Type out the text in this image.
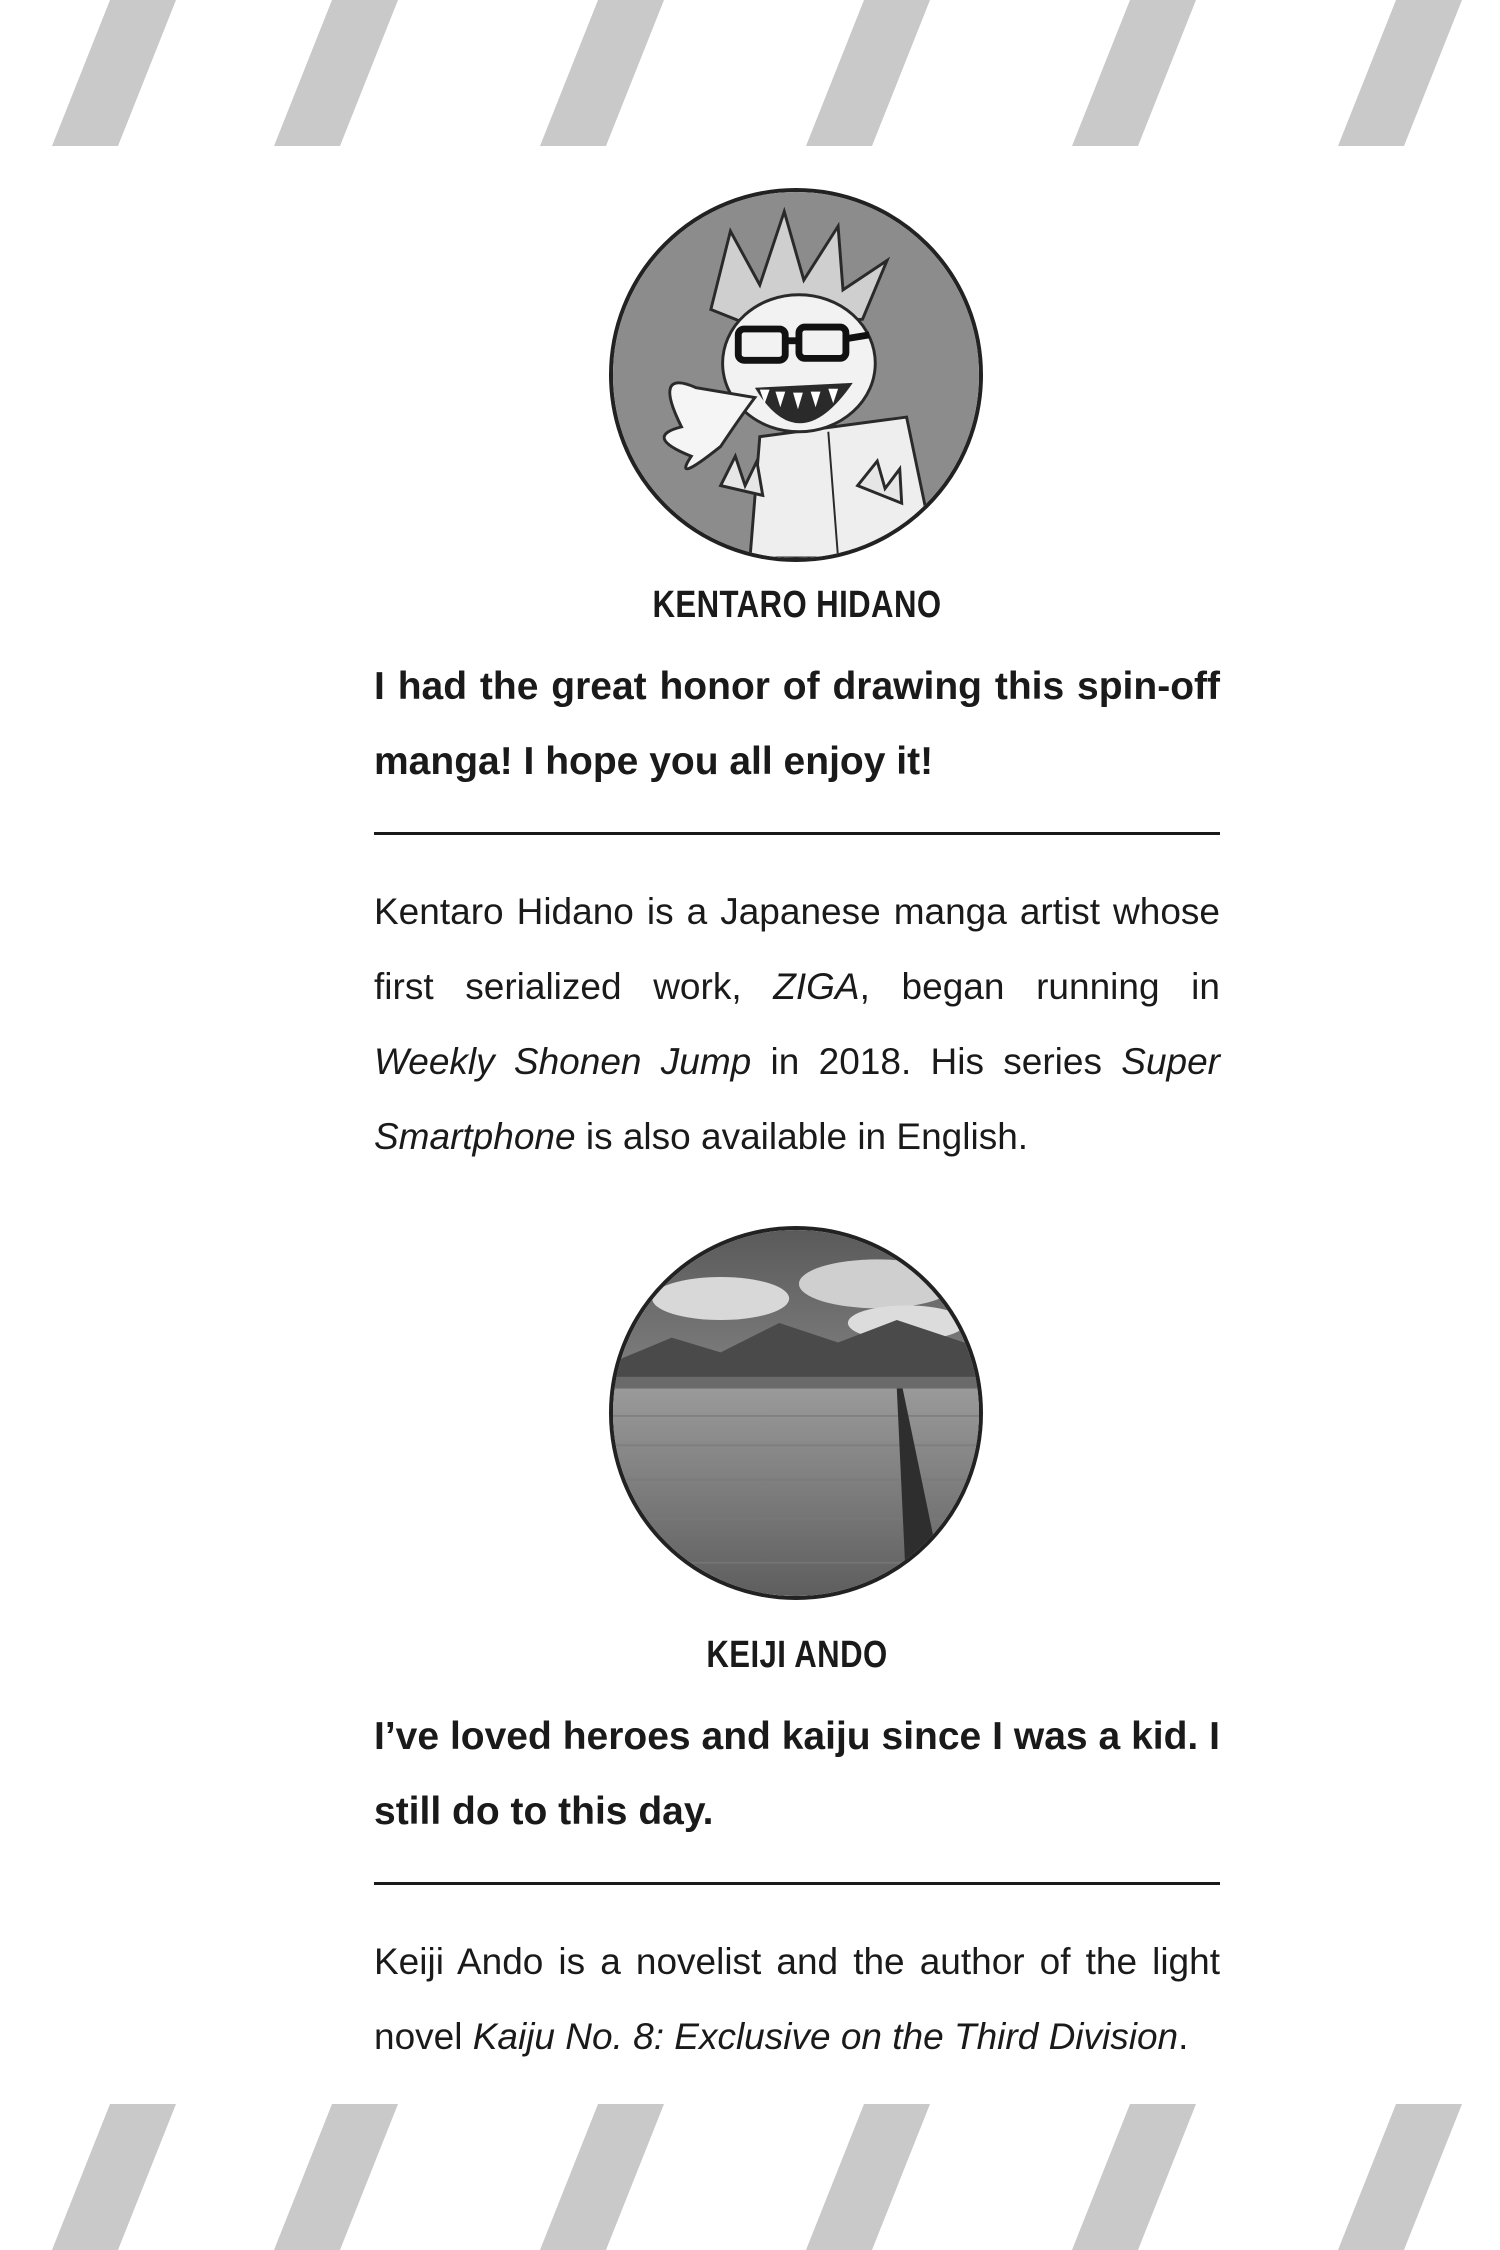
KENTARO HIDANO
I had the great honor of drawing this spin-off manga! I hope you all enjoy it!
Kentaro Hidano is a Japanese manga artist whose first serialized work, ZIGA, began running in Weekly Shonen Jump in 2018. His series Super Smartphone is also available in English.
KEIJI ANDO
I’ve loved heroes and kaiju since I was a kid. I still do to this day.
Keiji Ando is a novelist and the author of the light novel Kaiju No. 8: Exclusive on the Third Division.
